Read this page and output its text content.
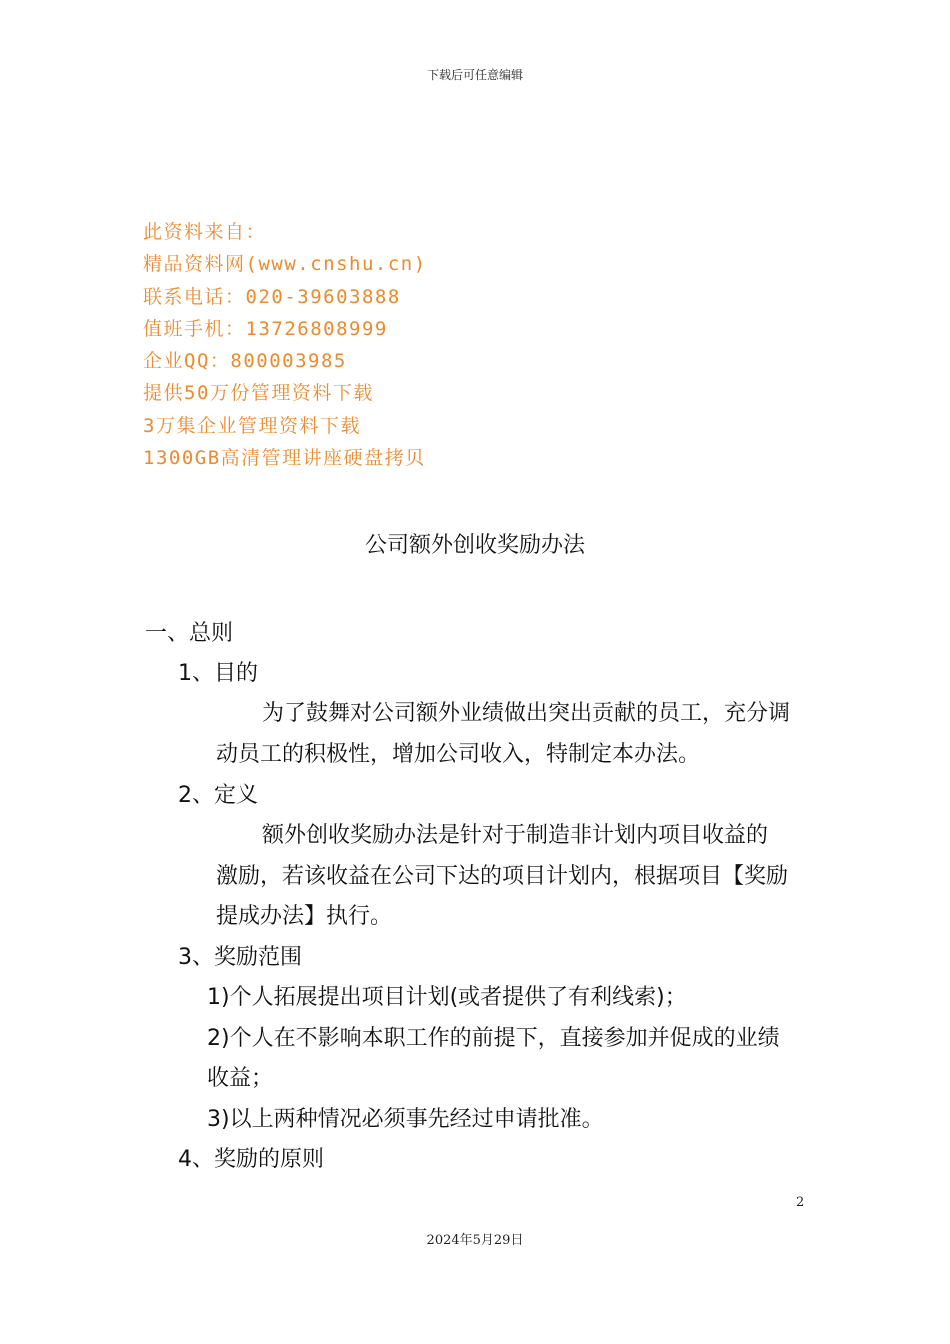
下载后可任意编辑
此资料来自：
精品资料网(www.cnshu.cn)
联系电话：020-39603888
值班手机：13726808999
企业QQ：800003985
提供50万份管理资料下载
3万集企业管理资料下载
1300GB高清管理讲座硬盘拷贝
公司额外创收奖励办法
一、总则
1、目的
为了鼓舞对公司额外业绩做出突出贡献的员工，充分调
动员工的积极性，增加公司收入，特制定本办法。
2、定义
额外创收奖励办法是针对于制造非计划内项目收益的
激励，若该收益在公司下达的项目计划内，根据项目【奖励
提成办法】执行。
3、奖励范围
1)个人拓展提出项目计划(或者提供了有利线索)；
2)个人在不影响本职工作的前提下，直接参加并促成的业绩
收益；
3)以上两种情况必须事先经过申请批准。
4、奖励的原则
2
2024年5月29日
